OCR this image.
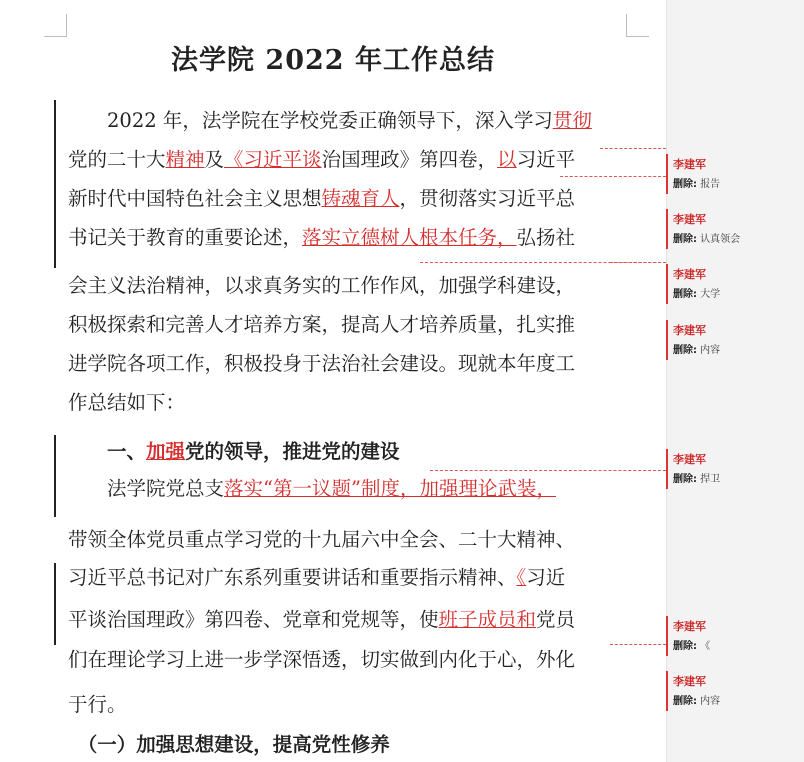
法学院 2022 年工作总结
　　2022 年，法学院在学校党委正确领导下，深入学习贯彻
党的二十大精神及《习近平谈治国理政》第四卷，以习近平
新时代中国特色社会主义思想铸魂育人，贯彻落实习近平总
书记关于教育的重要论述，落实立德树人根本任务，弘扬社
会主义法治精神，以求真务实的工作作风，加强学科建设，
积极探索和完善人才培养方案，提高人才培养质量，扎实推
进学院各项工作，积极投身于法治社会建设。现就本年度工
作总结如下：
　　一、加强党的领导，推进党的建设
　　法学院党总支落实“第一议题”制度，加强理论武装，
带领全体党员重点学习党的十九届六中全会、二十大精神、
习近平总书记对广东系列重要讲话和重要指示精神、《习近
平谈治国理政》第四卷、党章和党规等，使班子成员和党员
们在理论学习上进一步学深悟透，切实做到内化于心，外化
于行。
　（一）加强思想建设，提高党性修养
李建军
删除: 报告
李建军
删除: 认真领会
李建军
删除: 大学
李建军
删除: 内容
李建军
删除: 捍卫
李建军
删除: 《
李建军
删除: 内容
